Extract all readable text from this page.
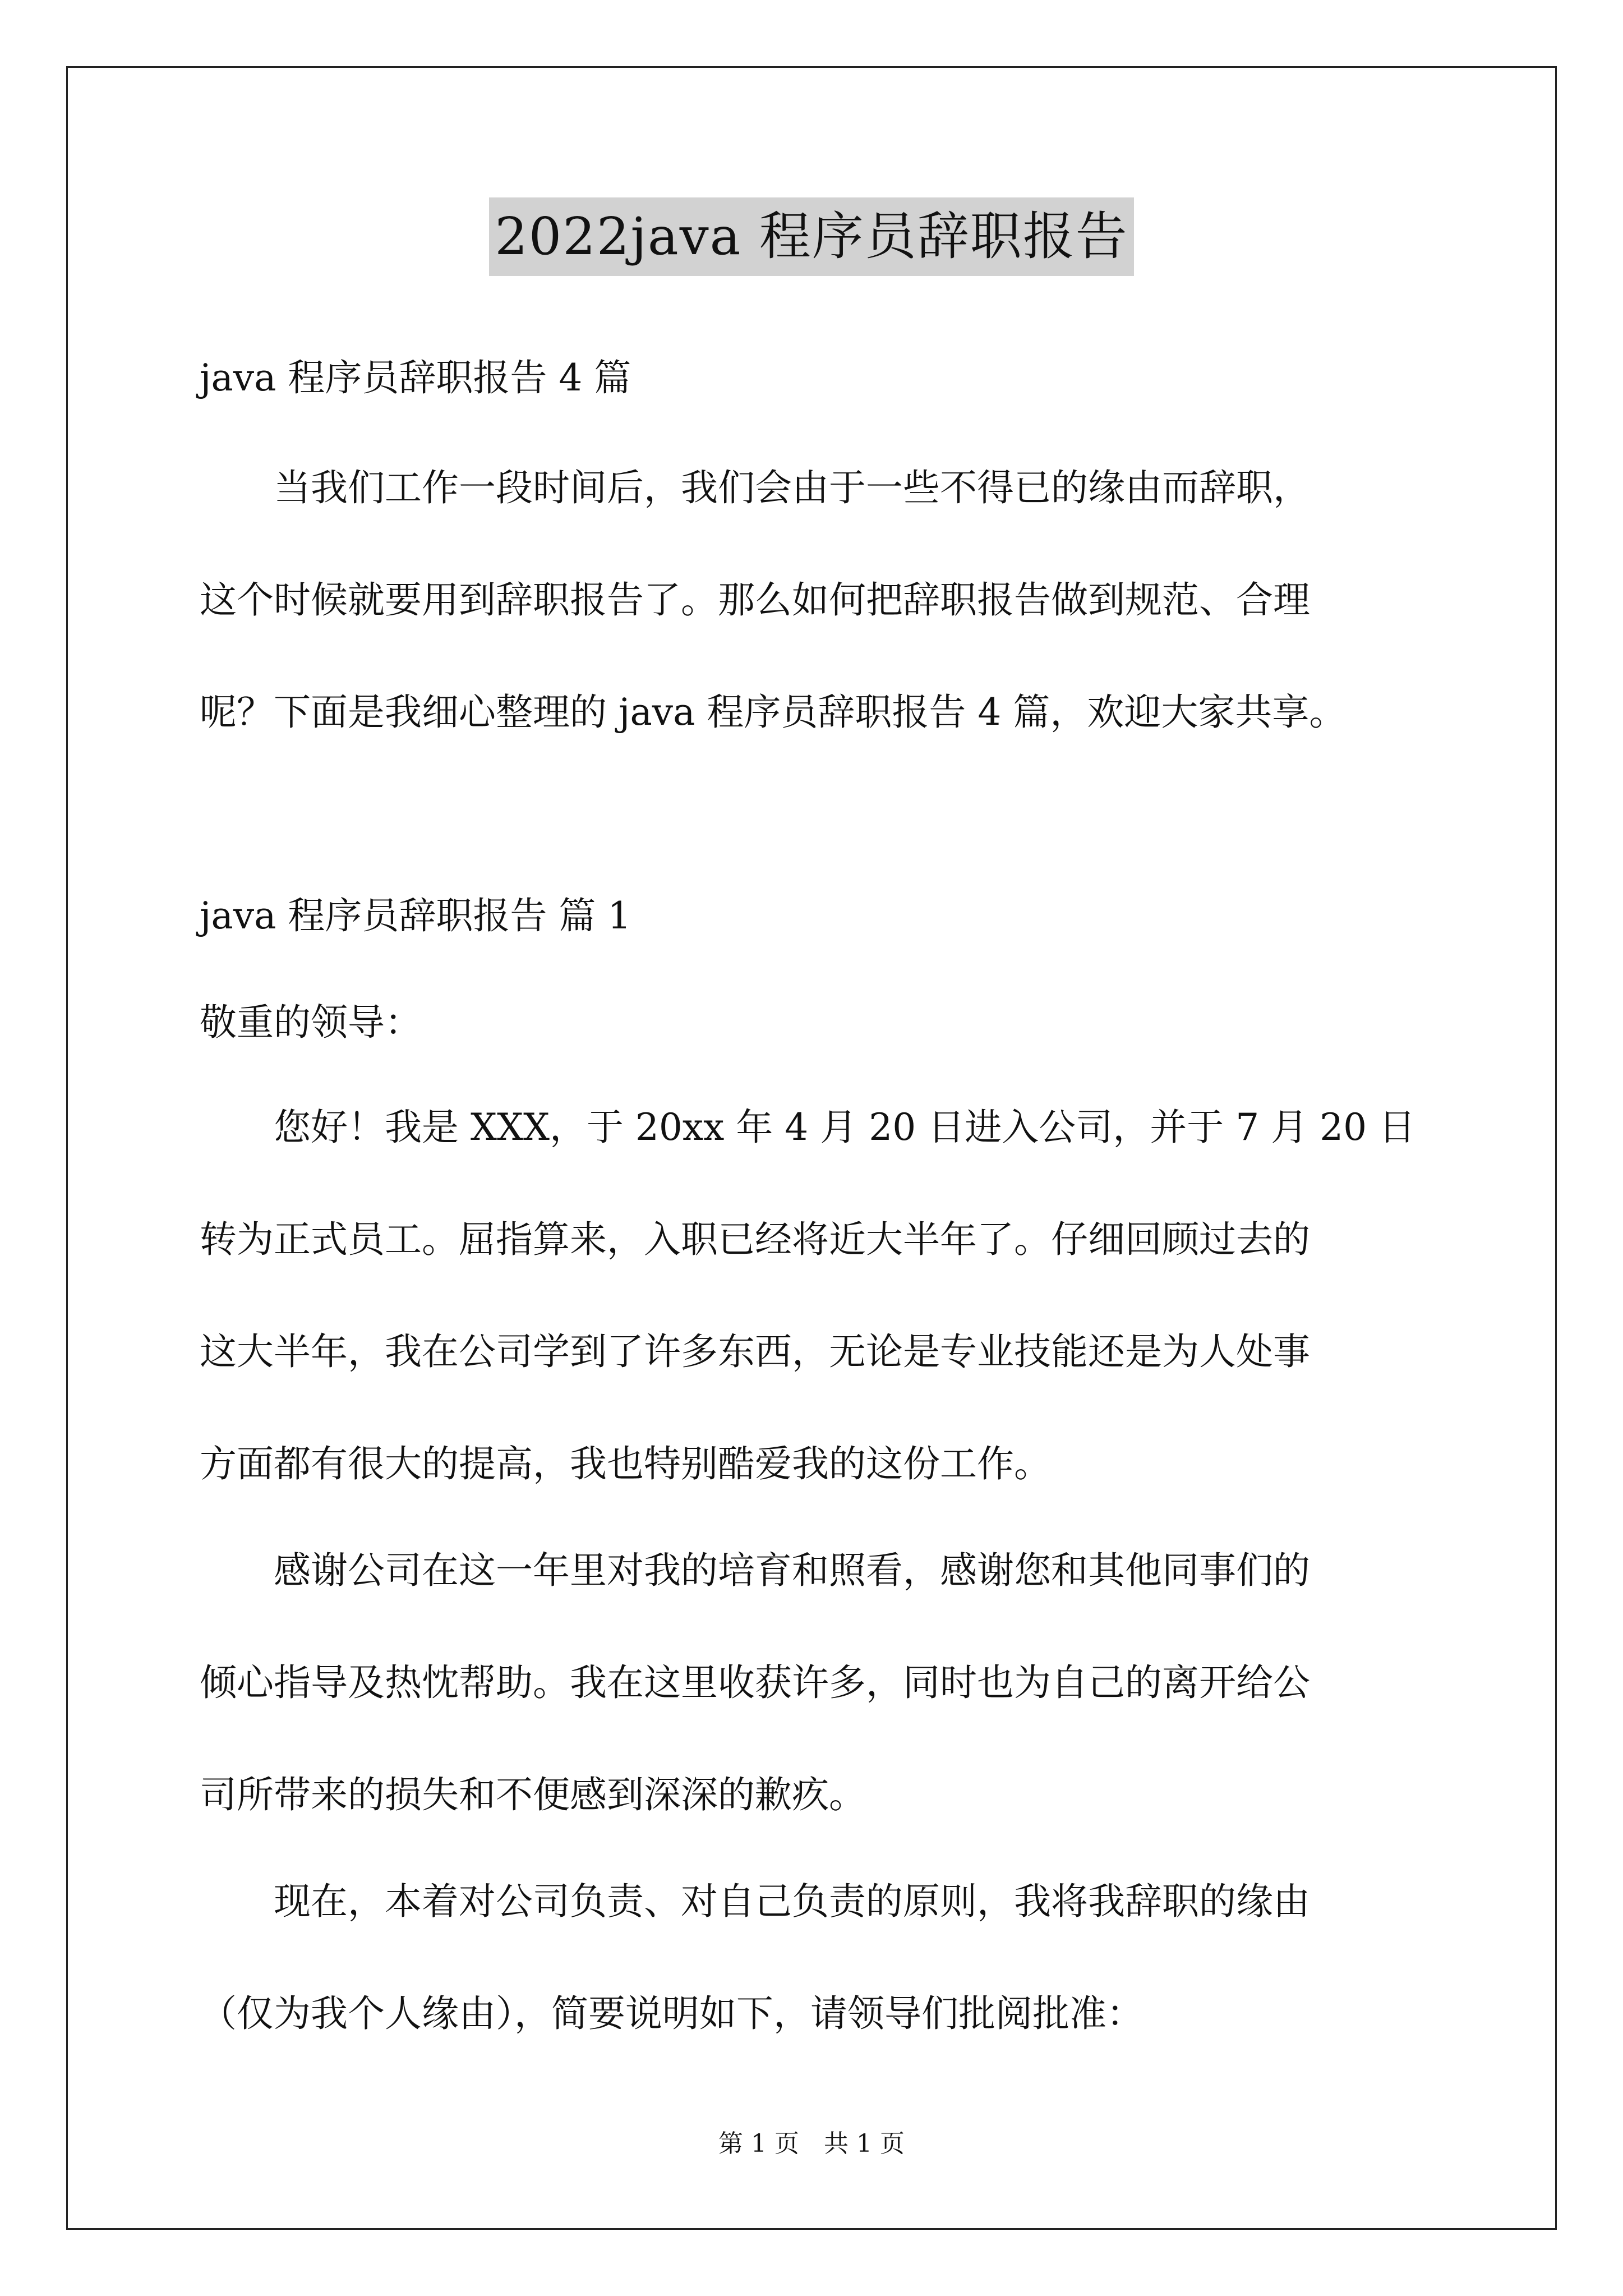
2022java 程序员辞职报告
java 程序员辞职报告 4 篇
　　当我们工作一段时间后，我们会由于一些不得已的缘由而辞职，
这个时候就要用到辞职报告了。那么如何把辞职报告做到规范、合理
呢？下面是我细心整理的 java 程序员辞职报告 4 篇，欢迎大家共享。
java 程序员辞职报告 篇 1
敬重的领导：
　　您好！我是 XXX，于 20xx 年 4 月 20 日进入公司，并于 7 月 20 日
转为正式员工。屈指算来，入职已经将近大半年了。仔细回顾过去的
这大半年，我在公司学到了许多东西，无论是专业技能还是为人处事
方面都有很大的提高，我也特别酷爱我的这份工作。
　　感谢公司在这一年里对我的培育和照看，感谢您和其他同事们的
倾心指导及热忱帮助。我在这里收获许多，同时也为自己的离开给公
司所带来的损失和不便感到深深的歉疚。
　　现在，本着对公司负责、对自己负责的原则，我将我辞职的缘由
（仅为我个人缘由），简要说明如下，请领导们批阅批准：
第 1 页　共 1 页
